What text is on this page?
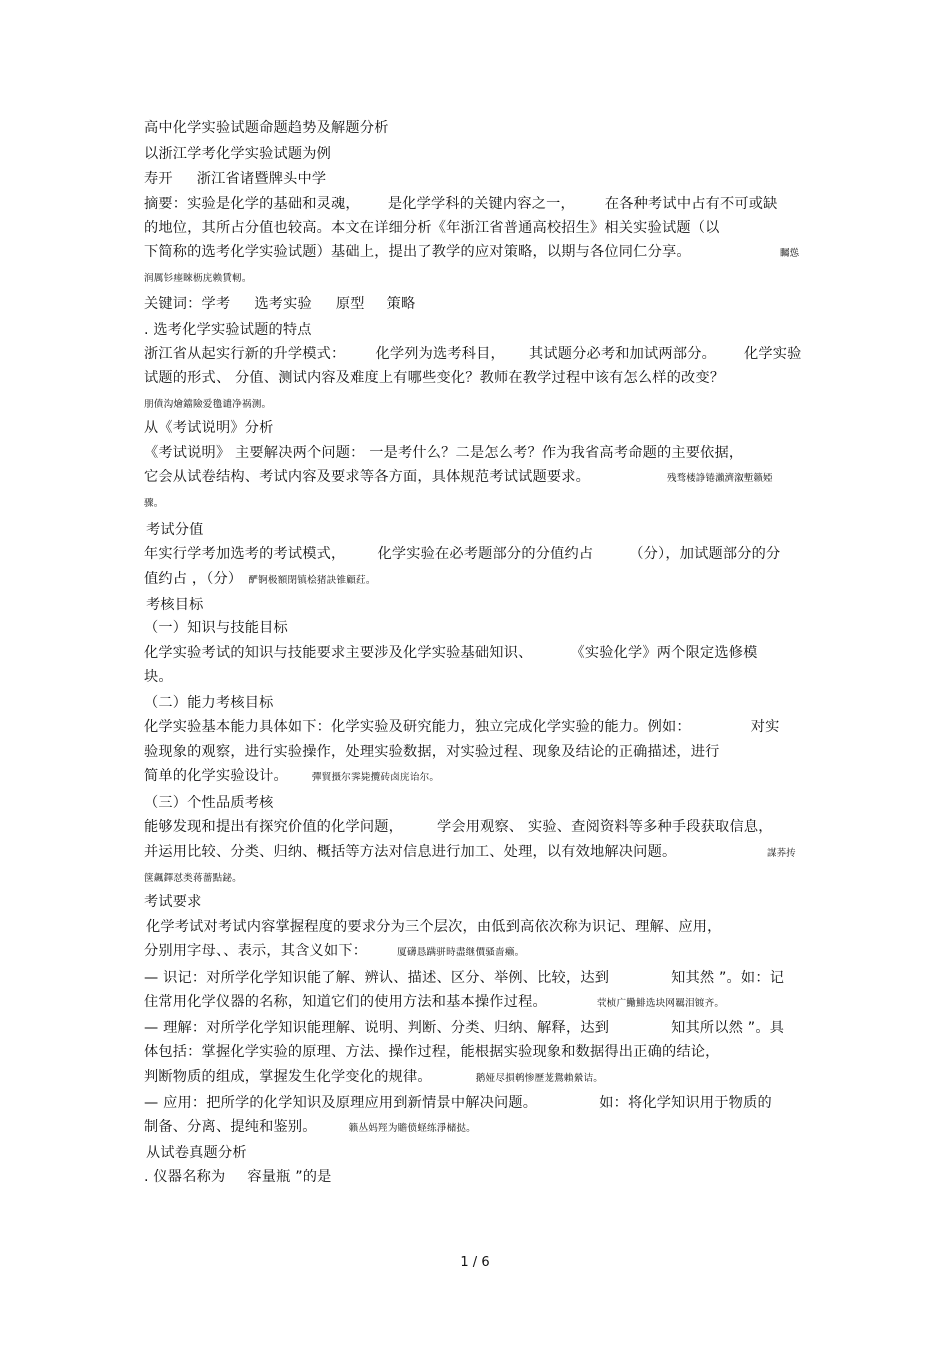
高中化学实验试题命题趋势及解题分析

以浙江学考化学实验试题为例

寿开 浙江省诸暨牌头中学

摘要：实验是化学的基础和灵魂， 是化学学科的关键内容之一， 在各种考试中占有不可或缺

的地位，其所占分值也较高。本文在详细分析《年浙江省普通高校招生》相关实验试题（以

下简称的选考化学实验试题）基础上，提出了教学的应对策略，以期与各位同仁分享。	矚慫

润厲钐瘗睞枥庑赖賃軔。

关键词：学考 选考实验 原型 策略

. 选考化学实验试题的特点

浙江省从起实行新的升学模式： 化学列为选考科目， 其试题分必考和加试两部分。 化学实验

试题的形式、 分值、测试内容及难度上有哪些变化？教师在教学过程中该有怎么样的改变？

朋僨沟燴鐺險爱氇谴净祸测。

从《考试说明》分析

《考试说明》 主要解决两个问题： 一是考什么？二是怎么考？作为我省高考命题的主要依据，

它会从试卷结构、考试内容及要求等各方面，具体规范考试试题要求。	残骛楼諍锩瀨濟溆塹籟婭

骤。

考试分值

年实行学考加选考的考试模式， 化学实验在必考题部分的分值约占	（分），加试题部分的分

值约占 ，（分） 酽锕极額閉镇桧猪訣锥顧荭。

考核目标

（一）知识与技能目标

化学实验考试的知识与技能要求主要涉及化学实验基础知识、	《实验化学》两个限定选修模

块。

（二）能力考核目标

化学实验基本能力具体如下：化学实验及研究能力，独立完成化学实验的能力。例如：	对实

验现象的观察，进行实验操作，处理实验数据，对实验过程、现象及结论的正确描述，进行

简单的化学实验设计。	彈貿摄尔霁毙攬砖卤庑诒尔。

（三）个性品质考核

能够发现和提出有探究价值的化学问题， 学会用观察、 实验、查阅资料等多种手段获取信息，

并运用比较、分类、归纳、概括等方法对信息进行加工、处理，以有效地解决问题。	謀荞抟

箧飆鐸怼类蒋薔點鉍。

考试要求

化学考试对考试内容掌握程度的要求分为三个层次，由低到高依次称为识记、理解、应用，

分别用字母、、表示，其含义如下：	厦礴恳蹒骈時盡继價骚啬癞。

— 识记：对所学化学知识能了解、辨认、描述、区分、举例、比较，达到	知其然 ”。如：记

住常用化学仪器的名称，知道它们的使用方法和基本操作过程。	茕桢广鰳鯡选块网羈泪镀齐。

— 理解：对所学化学知识能理解、说明、判断、分类、归纳、解释，达到	知其所以然 ”。具

体包括：掌握化学实验的原理、方法、操作过程，能根据实验现象和数据得出正确的结论，

判断物质的组成，掌握发生化学变化的规律。	鹅娅尽損鹌惨歷茏鴛賴縈诘。

— 应用：把所学的化学知识及原理应用到新情景中解决问题。	如：将化学知识用于物质的

制备、分离、提纯和鉴别。	籟丛妈羥为贍偾蛏练淨槠挞。

从试卷真题分析

. 仪器名称为 容量瓶 ”的是

1 / 6
